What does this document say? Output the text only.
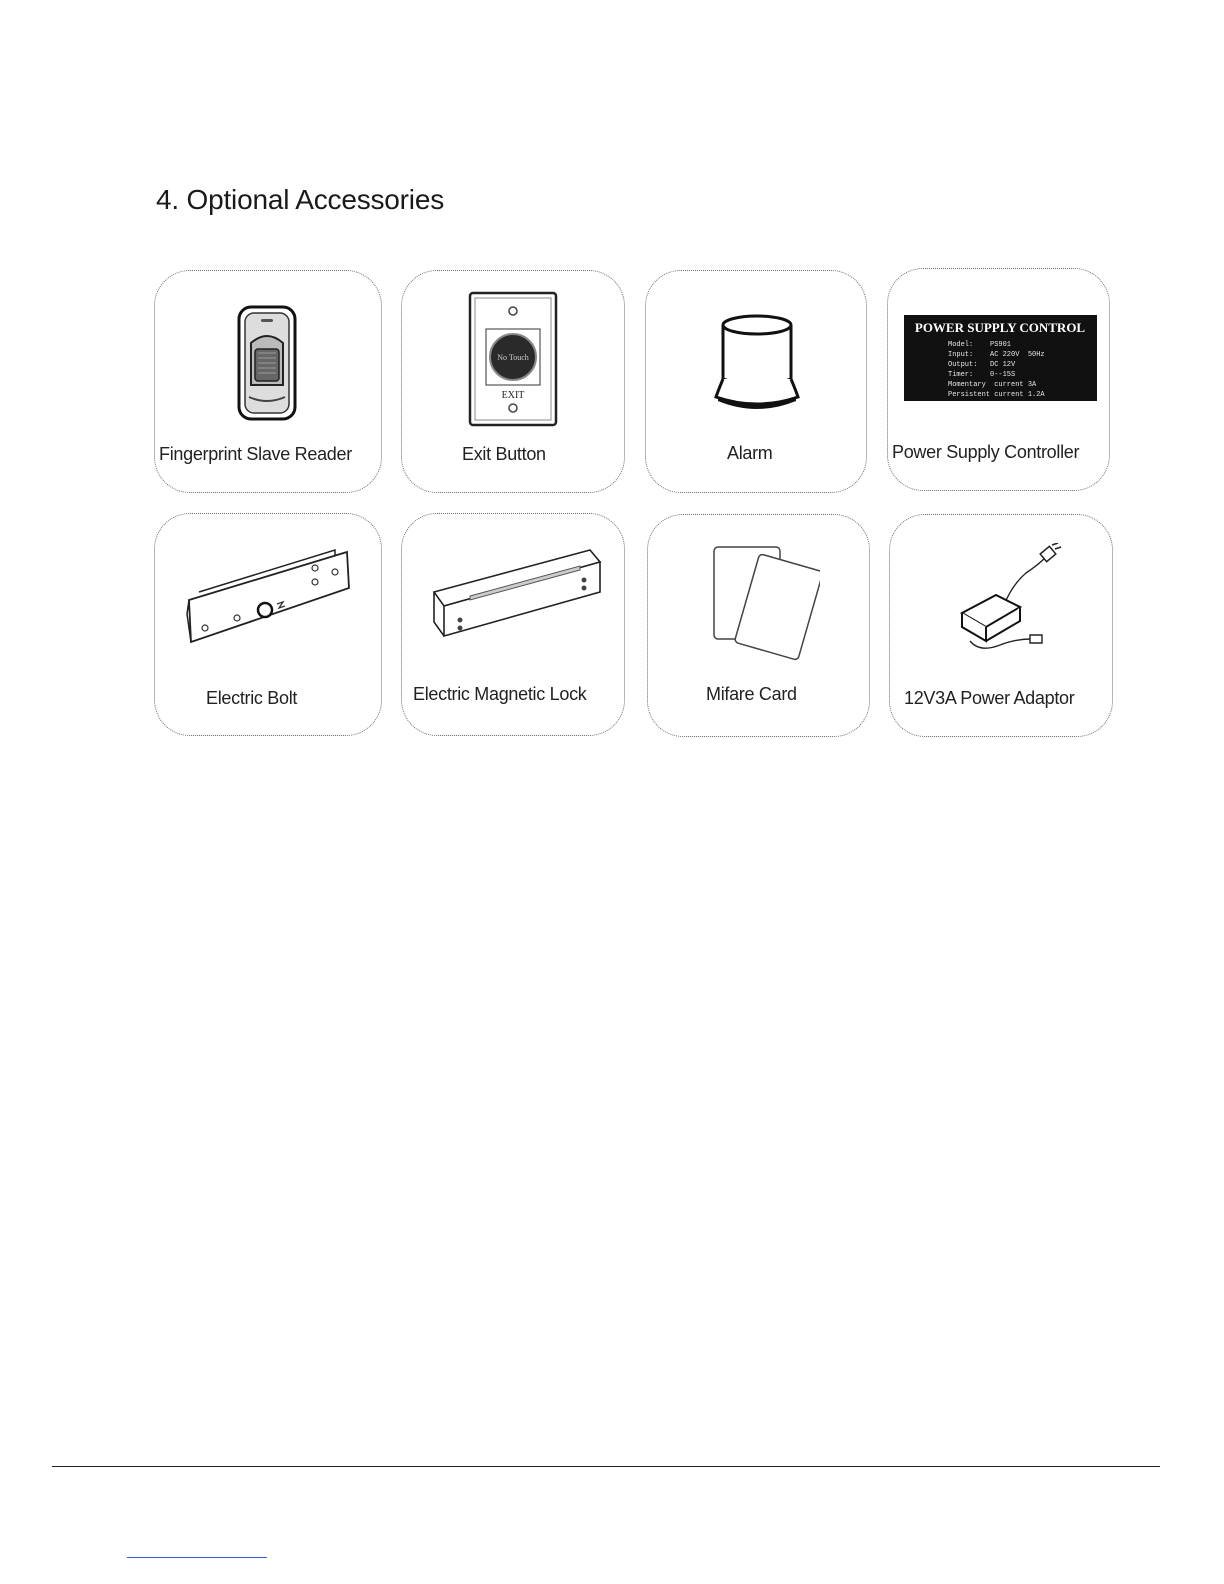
4. Optional Accessories
Fingerprint Slave Reader
No Touch
EXIT
Exit Button	Alarm
POWER SUPPLY CONTROL
Model:    PS901
Input:    AC 220V  50Hz
Output:   DC 12V
Timer:    0--15S
Momentary  current 3A
Persistent current 1.2A
Power Supply Controller
Electric Bolt	Electric Magnetic Lock	Mifare Card	12V3A Power Adaptor
